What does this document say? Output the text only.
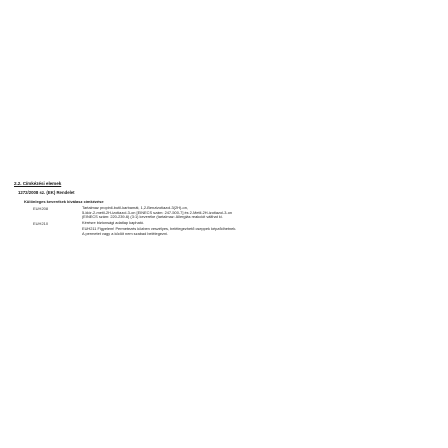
2.2. Címkézési elemek
1272/2008 sz. (EK) Rendelet
Különleges keverékek kiválasz címkézése
EUH208	Tartalmaz propinil-butil-karbamát, 1,2-Benzizotiazol-3(2H)-on,
5-klór-2-metil-2H-izotiazol-3-on [EINECS szám: 247-500-7] és 2-Metil-2H-izotiazol-3-on
(EINECS szám: 220-239-6) (3:1) keveréke (tartalmaz: Allergiás reakciót válthat ki.
EUH210	Kérésre biztonsági adatlap kapható.
EUH211 Figyelem! Permetezés közben veszélyes, belélegezhető cseppek képződhetnek.
A permetet vagy a ködöt nem szabad belélegezni.
